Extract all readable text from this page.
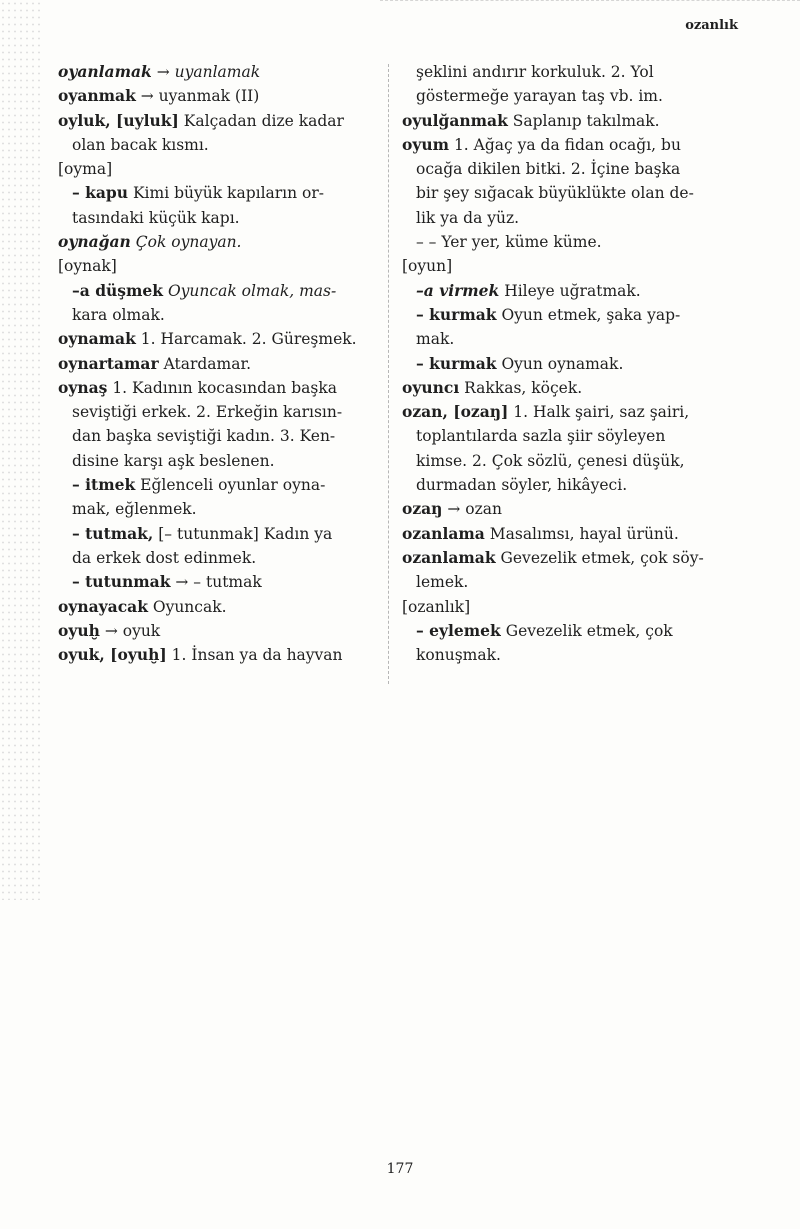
ozanlık
oyanlamak → uyanlamak
oyanmak → uyanmak (II)
oyluk, [uyluk] Kalçadan dize kadar
olan bacak kısmı.
[oyma]
– kapu Kimi büyük kapıların or-
tasındaki küçük kapı.
oynağan Çok oynayan.
[oynak]
–a düşmek Oyuncak olmak, mas-
kara olmak.
oynamak 1. Harcamak. 2. Güreşmek.
oynartamar Atardamar.
oynaş 1. Kadının kocasından başka
seviştiği erkek. 2. Erkeğin karısın-
dan başka seviştiği kadın. 3. Ken-
disine karşı aşk beslenen.
– itmek Eğlenceli oyunlar oyna-
mak, eğlenmek.
– tutmak, [– tutunmak] Kadın ya
da erkek dost edinmek.
– tutunmak → – tutmak
oynayacak Oyuncak.
oyuḫ → oyuk
oyuk, [oyuḫ] 1. İnsan ya da hayvan
şeklini andırır korkuluk. 2. Yol
göstermeğe yarayan taş vb. im.
oyulğanmak Saplanıp takılmak.
oyum 1. Ağaç ya da fidan ocağı, bu
ocağa dikilen bitki. 2. İçine başka
bir şey sığacak büyüklükte olan de-
lik ya da yüz.
– – Yer yer, küme küme.
[oyun]
–a virmek Hileye uğratmak.
– kurmak Oyun etmek, şaka yap-
mak.
– kurmak Oyun oynamak.
oyuncı Rakkas, köçek.
ozan, [ozaŋ] 1. Halk şairi, saz şairi,
toplantılarda sazla şiir söyleyen
kimse. 2. Çok sözlü, çenesi düşük,
durmadan söyler, hikâyeci.
ozaŋ → ozan
ozanlama Masalımsı, hayal ürünü.
ozanlamak Gevezelik etmek, çok söy-
lemek.
[ozanlık]
– eylemek Gevezelik etmek, çok
konuşmak.
177
